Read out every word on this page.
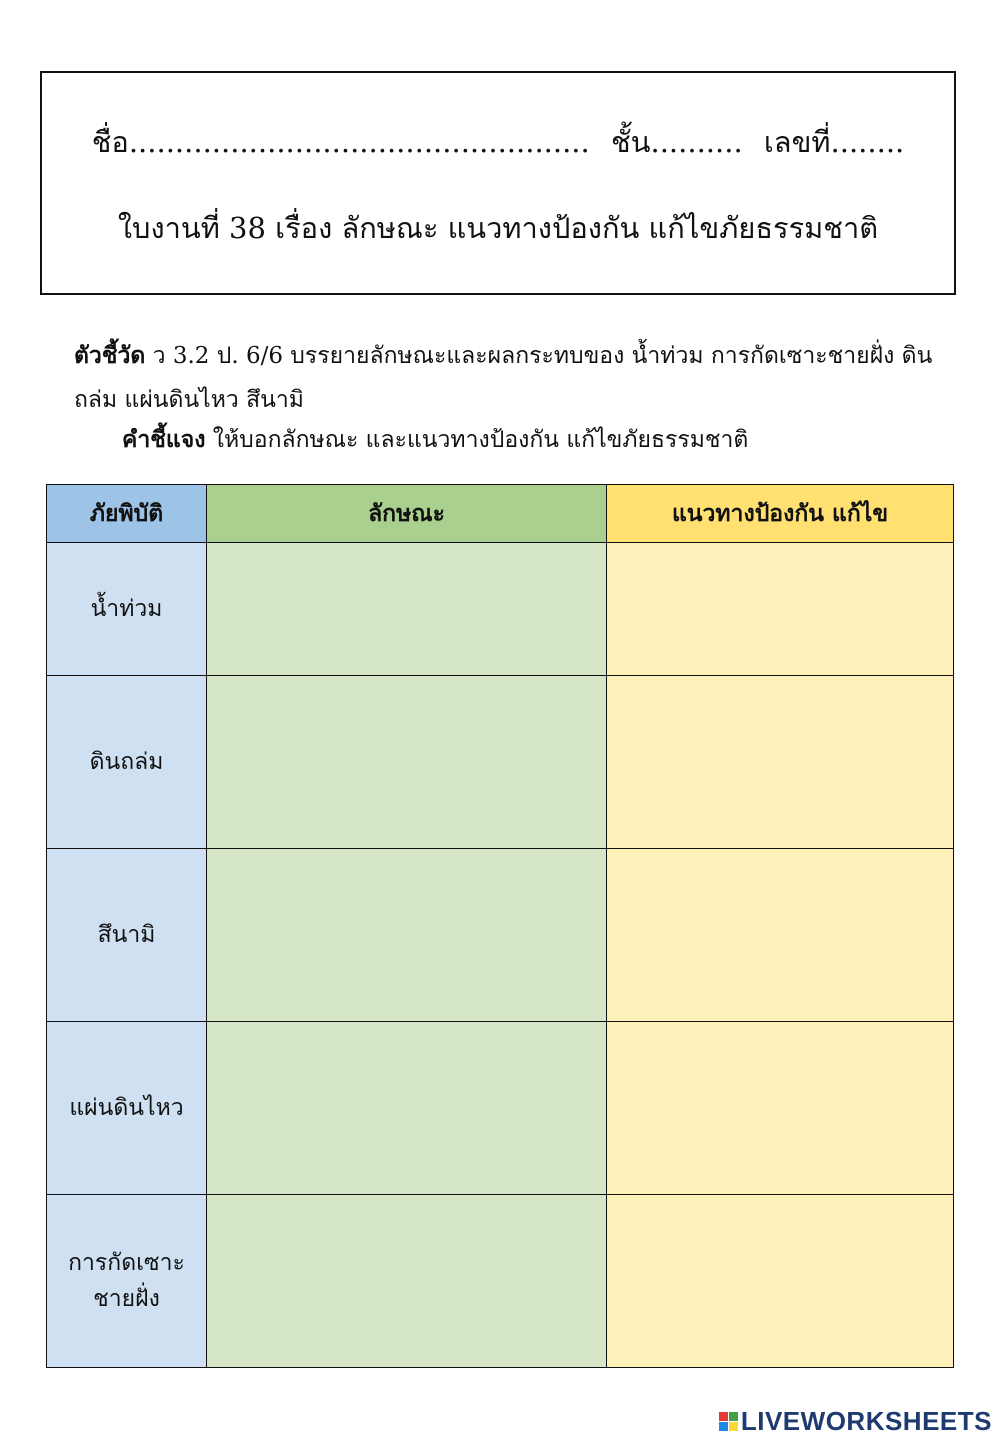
ชื่อ.................................................. ชั้น.......... เลขที่........
ใบงานที่ 38 เรื่อง ลักษณะ แนวทางป้องกัน แก้ไขภัยธรรมชาติ
ตัวชี้วัด ว 3.2 ป. 6/6 บรรยายลักษณะและผลกระทบของ น้ำท่วม การกัดเซาะชายฝั่ง ดินถล่ม แผ่นดินไหว สึนามิ
คำชี้แจง ให้บอกลักษณะ และแนวทางป้องกัน แก้ไขภัยธรรมชาติ
ภัยพิบัติ	ลักษณะ	แนวทางป้องกัน แก้ไข
น้ำท่วม		
ดินถล่ม		
สึนามิ		
แผ่นดินไหว		
การกัดเซาะชายฝั่ง		
LIVEWORKSHEETS
